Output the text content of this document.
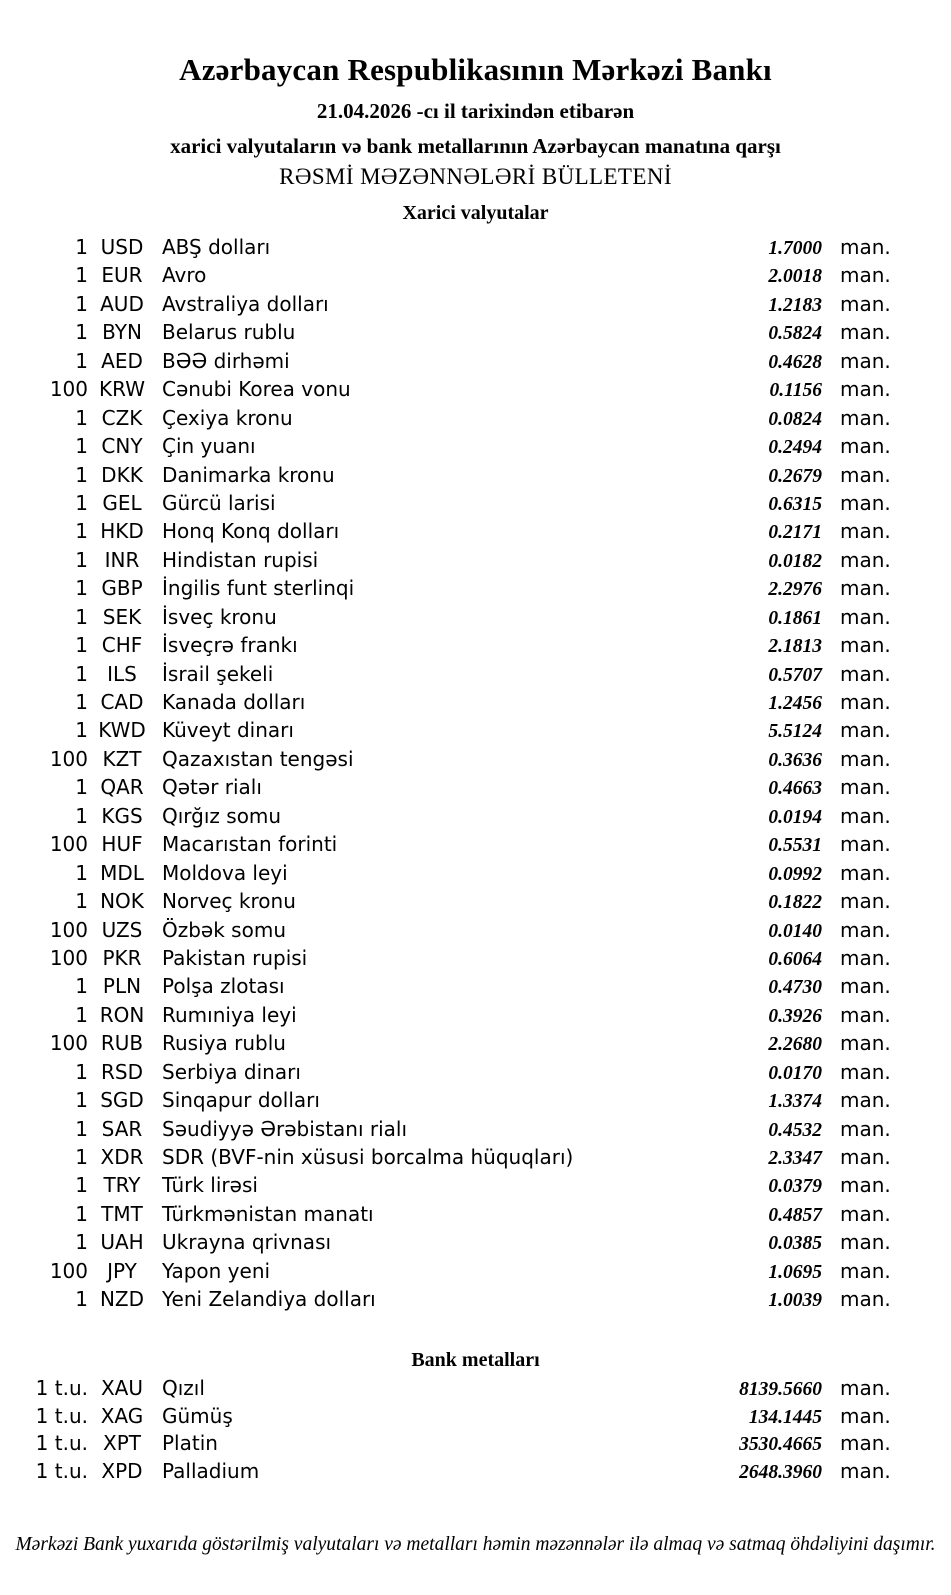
Azərbaycan Respublikasının Mərkəzi Bankı
21.04.2026 -cı il tarixindən etibarən
xarici valyutaların və bank metallarının Azərbaycan manatına qarşı
RƏSMİ MƏZƏNNƏLƏRİ BÜLLETENİ
Xarici valyutalar
1 USD ABŞ dolları	1.7000 man.
1 EUR Avro	2.0018 man.
1 AUD Avstraliya dolları	1.2183 man.
1 BYN	Belarus rublu	0.5824 man.
1 AED BƏƏ dirhəmi	0.4628 man.
100 KRW Cənubi Korea vonu	0.1156 man.
1 CZK Çexiya kronu	0.0824 man.
1 CNY Çin yuanı	0.2494 man.
1 DKK Danimarka kronu	0.2679 man.
1 GEL	Gürcü larisi	0.6315 man.
1 HKD Honq Konq dolları	0.2171 man.
1 INR	Hindistan rupisi	0.0182 man.
1 GBP İngilis funt sterlinqi	2.2976 man.
1 SEK	İsveç kronu	0.1861 man.
1 CHF İsveçrə frankı	2.1813 man.
1 ILS	İsrail şekeli	0.5707 man.
1 CAD Kanada dolları	1.2456 man.
1 KWD Küveyt dinarı	5.5124 man.
100 KZT	Qazaxıstan tengəsi	0.3636 man.
1 QAR Qətər rialı	0.4663 man.
1 KGS Qırğız somu	0.0194 man.
100 HUF Macarıstan forinti	0.5531 man.
1 MDL Moldova leyi	0.0992 man.
1 NOK Norveç kronu	0.1822 man.
100 UZS Özbək somu	0.0140 man.
100 PKR	Pakistan rupisi	0.6064 man.
1 PLN	Polşa zlotası	0.4730 man.
1 RON Rumıniya leyi	0.3926 man.
100 RUB Rusiya rublu	2.2680 man.
1 RSD Serbiya dinarı	0.0170 man.
1 SGD Sinqapur dolları	1.3374 man.
1 SAR Səudiyyə Ərəbistanı rialı	0.4532 man.
1 XDR SDR (BVF-nin xüsusi borcalma hüquqları)	2.3347 man.
1 TRY	Türk lirəsi	0.0379 man.
1 TMT Türkmənistan manatı	0.4857 man.
1 UAH Ukrayna qrivnası	0.0385 man.
100 JPY	Yapon yeni	1.0695 man.
1 NZD Yeni Zelandiya dolları	1.0039 man.
Bank metalları
1 t.u. XAU Qızıl	8139.5660 man.
1 t.u. XAG Gümüş	134.1445 man.
1 t.u. XPT	Platin	3530.4665 man.
1 t.u. XPD Palladium	2648.3960 man.
Mərkəzi Bank yuxarıda göstərilmiş valyutaları və metalları həmin məzənnələr ilə almaq və satmaq öhdəliyini daşımır.
